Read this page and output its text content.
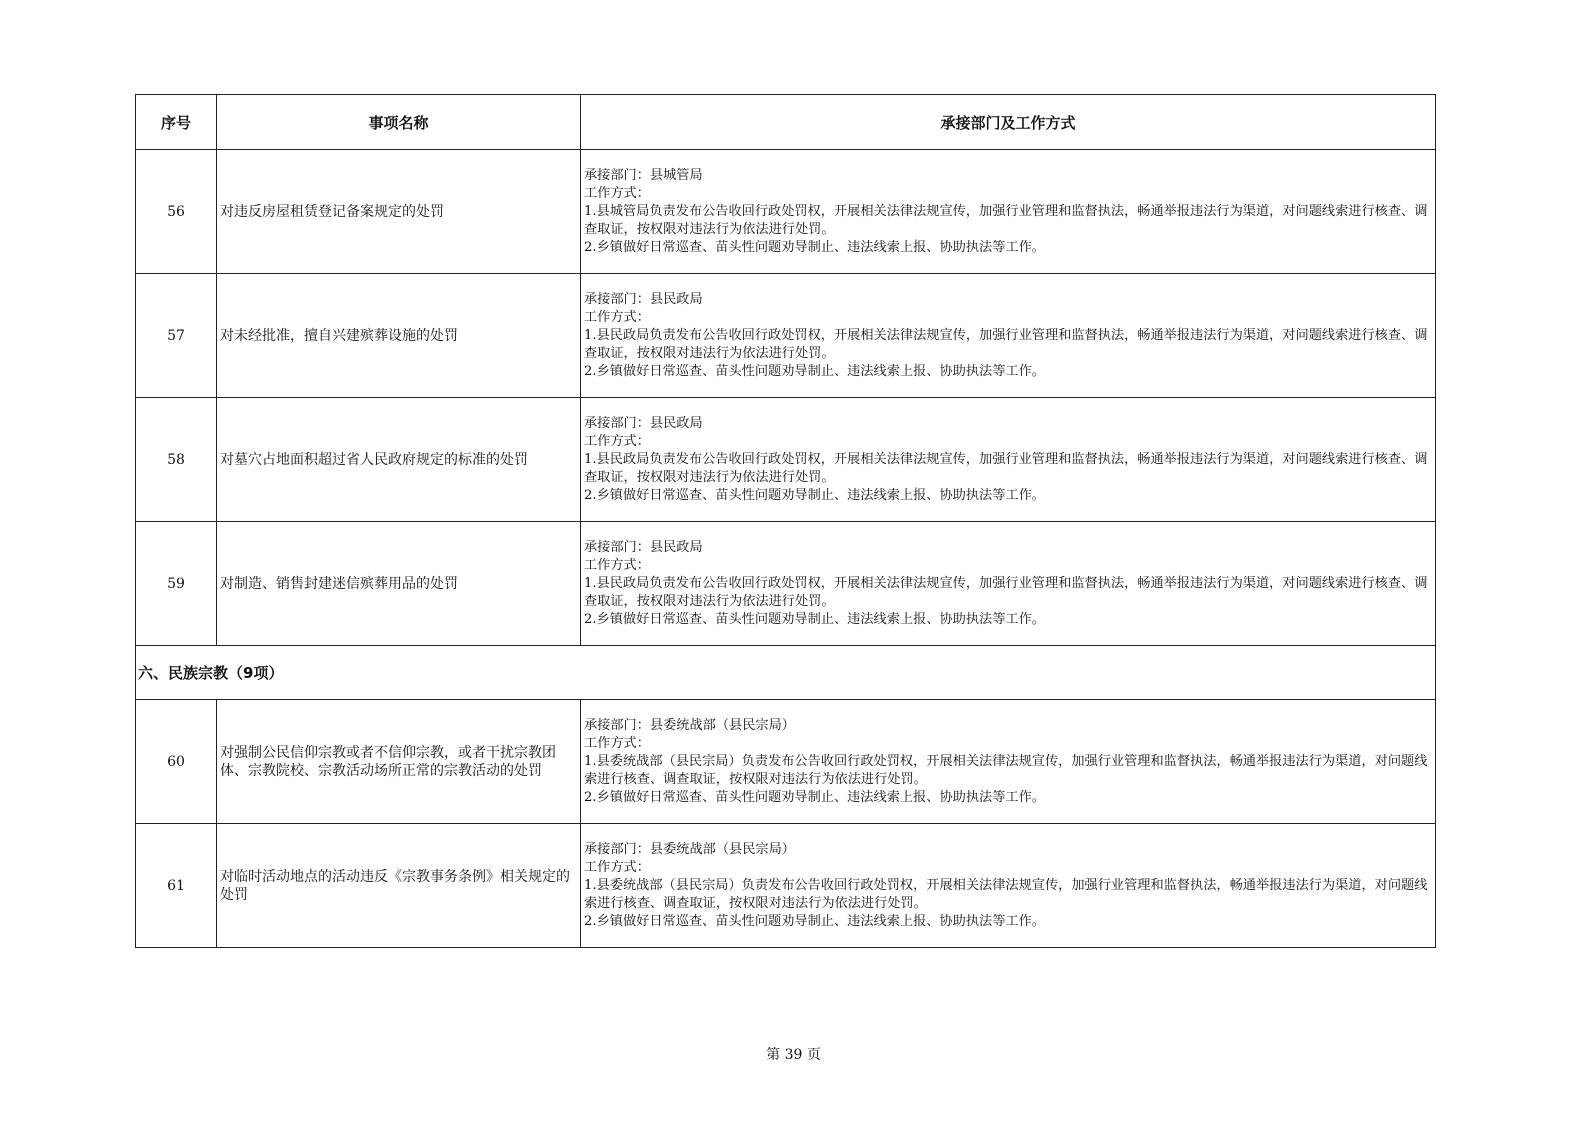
序号	事项名称	承接部门及工作方式
56	对违反房屋租赁登记备案规定的处罚	承接部门：县城管局
工作方式：
1.县城管局负责发布公告收回行政处罚权，开展相关法律法规宣传，加强行业管理和监督执法，畅通举报违法行为渠道，对问题线索进行核查、调查取证，按权限对违法行为依法进行处罚。
2.乡镇做好日常巡查、苗头性问题劝导制止、违法线索上报、协助执法等工作。

57	对未经批准，擅自兴建殡葬设施的处罚	承接部门：县民政局
工作方式：
1.县民政局负责发布公告收回行政处罚权，开展相关法律法规宣传，加强行业管理和监督执法，畅通举报违法行为渠道，对问题线索进行核查、调查取证，按权限对违法行为依法进行处罚。
2.乡镇做好日常巡查、苗头性问题劝导制止、违法线索上报、协助执法等工作。

58	对墓穴占地面积超过省人民政府规定的标准的处罚	承接部门：县民政局
工作方式：
1.县民政局负责发布公告收回行政处罚权，开展相关法律法规宣传，加强行业管理和监督执法，畅通举报违法行为渠道，对问题线索进行核查、调查取证，按权限对违法行为依法进行处罚。
2.乡镇做好日常巡查、苗头性问题劝导制止、违法线索上报、协助执法等工作。

59	对制造、销售封建迷信殡葬用品的处罚	承接部门：县民政局
工作方式：
1.县民政局负责发布公告收回行政处罚权，开展相关法律法规宣传，加强行业管理和监督执法，畅通举报违法行为渠道，对问题线索进行核查、调查取证，按权限对违法行为依法进行处罚。
2.乡镇做好日常巡查、苗头性问题劝导制止、违法线索上报、协助执法等工作。

六、民族宗教（9项）		
60	对强制公民信仰宗教或者不信仰宗教，或者干扰宗教团体、宗教院校、宗教活动场所正常的宗教活动的处罚	承接部门：县委统战部（县民宗局）
工作方式：
1.县委统战部（县民宗局）负责发布公告收回行政处罚权，开展相关法律法规宣传，加强行业管理和监督执法，畅通举报违法行为渠道，对问题线索进行核查、调查取证，按权限对违法行为依法进行处罚。
2.乡镇做好日常巡查、苗头性问题劝导制止、违法线索上报、协助执法等工作。

61	对临时活动地点的活动违反《宗教事务条例》相关规定的处罚	承接部门：县委统战部（县民宗局）
工作方式：
1.县委统战部（县民宗局）负责发布公告收回行政处罚权，开展相关法律法规宣传，加强行业管理和监督执法，畅通举报违法行为渠道，对问题线索进行核查、调查取证，按权限对违法行为依法进行处罚。
2.乡镇做好日常巡查、苗头性问题劝导制止、违法线索上报、协助执法等工作。
第 39 页
